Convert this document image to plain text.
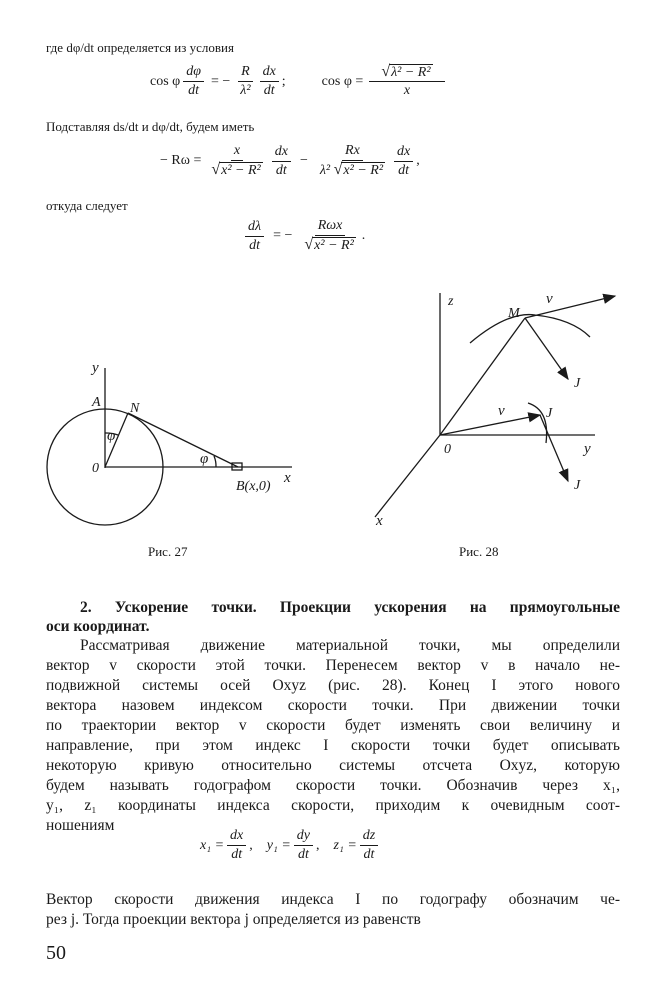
где dφ/dt определяется из условия
cos φ $\frac{d\varphi}{dt}$ = − $\frac{R}{\text{λ²}} \frac{dx}{dt}$ ;	$\cos \varphi = \frac{\text{√λ² − R²}}{x}$
Подставляя ds/dt и dφ/dt, будем иметь
− $R\omega = \frac{x}{\text{√x² − R²}} \frac{dx}{dt} - \frac{Rx}{\text{λ² √x² − R²}} \frac{dx}{dt}$ ,
откуда следует
$\frac{d\lambda}{dt}$ = − $\frac{\text{Rωx}}{\text{√x² − R²}}$ .
y
A N
φ
φ
0
B(x,0)
x
Рис. 27
z
M
v
J
v	J
J
0	y
x
Рис. 28
2. Ускорение точки. Проекции ускорения на прямоугольные
оси координат.
Рассматривая движение материальной точки, мы определили
вектор v скорости этой точки. Перенесем вектор v в начало не-
подвижной системы осей Oxyz (рис. 28). Конец I этого нового
вектора назовем индексом скорости точки. При движении точки
по траектории вектор v скорости будет изменять свои величину и
направление, при этом индекс I скорости точки будет описывать
некоторую кривую относительно системы отсчета Oxyz, которую
будем называть годографом скорости точки. Обозначив через x₁,
y₁, z₁ координаты индекса скорости, приходим к очевидным соот-
ношениям
$x_1 = \frac{dx}{dt}$ , $y_1 = \frac{dy}{dt}$ , $z_1 = \frac{dz}{dt}$
Вектор скорости движения индекса I по годографу обозначим че-
рез j. Тогда проекции вектора j определяется из равенств
50
